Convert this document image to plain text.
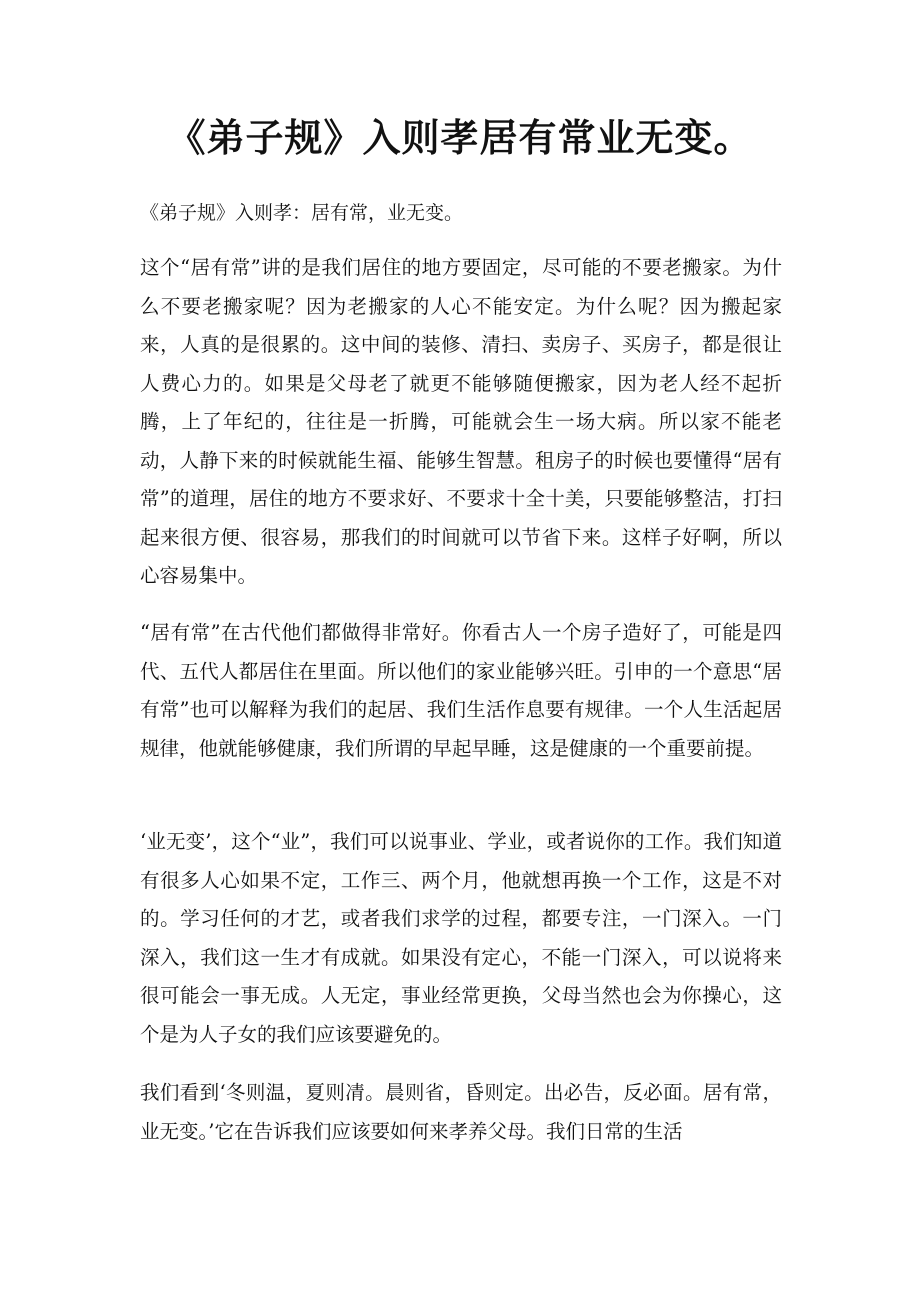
《弟子规》入则孝居有常业无变。

《弟子规》入则孝：居有常，业无变。

这个“居有常”讲的是我们居住的地方要固定，尽可能的不要老搬家。为什么不要老搬家呢？因为老搬家的人心不能安定。为什么呢？因为搬起家来，人真的是很累的。这中间的装修、清扫、卖房子、买房子，都是很让人费心力的。如果是父母老了就更不能够随便搬家，因为老人经不起折腾，上了年纪的，往往是一折腾，可能就会生一场大病。所以家不能老动，人静下来的时候就能生福、能够生智慧。租房子的时候也要懂得“居有常”的道理，居住的地方不要求好、不要求十全十美，只要能够整洁，打扫起来很方便、很容易，那我们的时间就可以节省下来。这样子好啊，所以心容易集中。

“居有常”在古代他们都做得非常好。你看古人一个房子造好了，可能是四代、五代人都居住在里面。所以他们的家业能够兴旺。引申的一个意思“居有常”也可以解释为我们的起居、我们生活作息要有规律。一个人生活起居规律，他就能够健康，我们所谓的早起早睡，这是健康的一个重要前提。

‘业无变’，这个“业”，我们可以说事业、学业，或者说你的工作。我们知道有很多人心如果不定，工作三、两个月，他就想再换一个工作，这是不对的。学习任何的才艺，或者我们求学的过程，都要专注，一门深入。一门深入，我们这一生才有成就。如果没有定心，不能一门深入，可以说将来很可能会一事无成。人无定，事业经常更换，父母当然也会为你操心，这个是为人子女的我们应该要避免的。

我们看到‘冬则温，夏则凊。晨则省，昏则定。出必告，反必面。居有常，业无变。’它在告诉我们应该要如何来孝养父母。我们日常的生活
